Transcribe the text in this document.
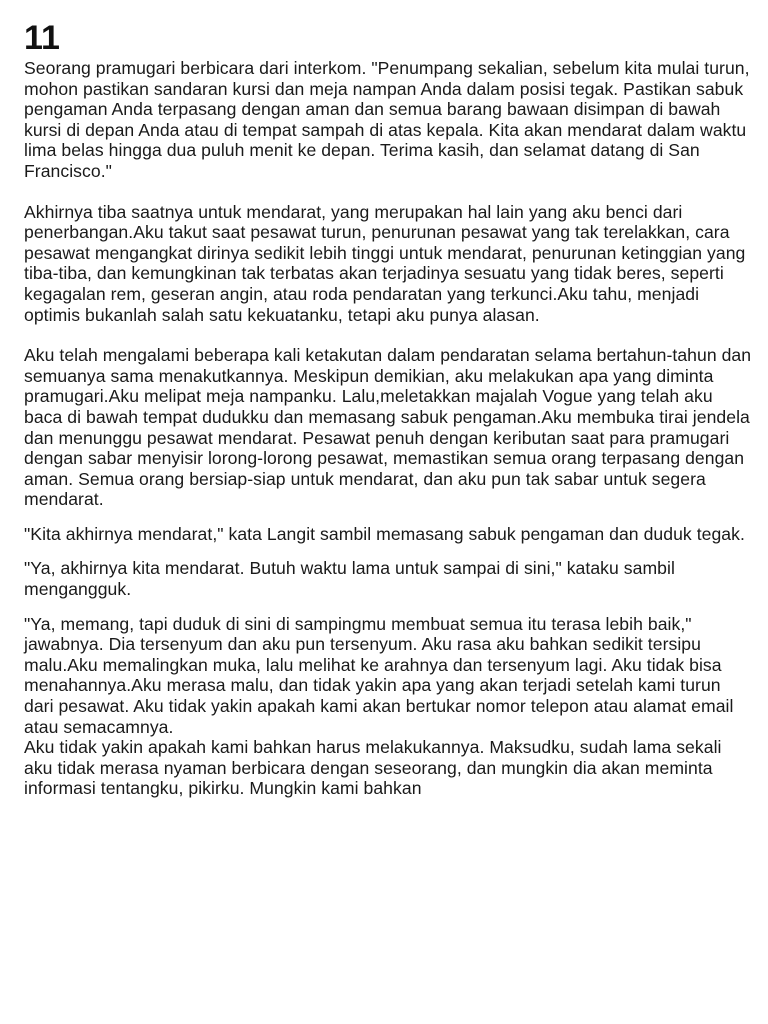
11

Seorang pramugari berbicara dari interkom. "Penumpang sekalian, sebelum kita mulai turun, mohon pastikan sandaran kursi dan meja nampan Anda dalam posisi tegak. Pastikan sabuk pengaman Anda terpasang dengan aman dan semua barang bawaan disimpan di bawah kursi di depan Anda atau di tempat sampah di atas kepala. Kita akan mendarat dalam waktu lima belas hingga dua puluh menit ke depan. Terima kasih, dan selamat datang di San Francisco."

Akhirnya tiba saatnya untuk mendarat, yang merupakan hal lain yang aku benci dari penerbangan.Aku takut saat pesawat turun, penurunan pesawat yang tak terelakkan, cara pesawat mengangkat dirinya sedikit lebih tinggi untuk mendarat, penurunan ketinggian yang tiba-tiba, dan kemungkinan tak terbatas akan terjadinya sesuatu yang tidak beres, seperti kegagalan rem, geseran angin, atau roda pendaratan yang terkunci.Aku tahu, menjadi optimis bukanlah salah satu kekuatanku, tetapi aku punya alasan.

Aku telah mengalami beberapa kali ketakutan dalam pendaratan selama bertahun-tahun dan semuanya sama menakutkannya. Meskipun demikian, aku melakukan apa yang diminta pramugari.Aku melipat meja nampanku. Lalu,meletakkan majalah Vogue yang telah aku baca di bawah tempat dudukku dan memasang sabuk pengaman.Aku membuka tirai jendela dan menunggu pesawat mendarat. Pesawat penuh dengan keributan saat para pramugari dengan sabar menyisir lorong-lorong pesawat, memastikan semua orang terpasang dengan aman. Semua orang bersiap-siap untuk mendarat, dan aku pun tak sabar untuk segera mendarat.

"Kita akhirnya mendarat," kata Langit sambil memasang sabuk pengaman dan duduk tegak.

"Ya, akhirnya kita mendarat. Butuh waktu lama untuk sampai di sini," kataku sambil mengangguk.

"Ya, memang, tapi duduk di sini di sampingmu membuat semua itu terasa lebih baik," jawabnya. Dia tersenyum dan aku pun tersenyum. Aku rasa aku bahkan sedikit tersipu malu.Aku memalingkan muka, lalu melihat ke arahnya dan tersenyum lagi. Aku tidak bisa menahannya.Aku merasa malu, dan tidak yakin apa yang akan terjadi setelah kami turun dari pesawat. Aku tidak yakin apakah kami akan bertukar nomor telepon atau alamat email atau semacamnya.

Aku tidak yakin apakah kami bahkan harus melakukannya. Maksudku, sudah lama sekali aku tidak merasa nyaman berbicara dengan seseorang, dan mungkin dia akan meminta informasi tentangku, pikirku. Mungkin kami bahkan
